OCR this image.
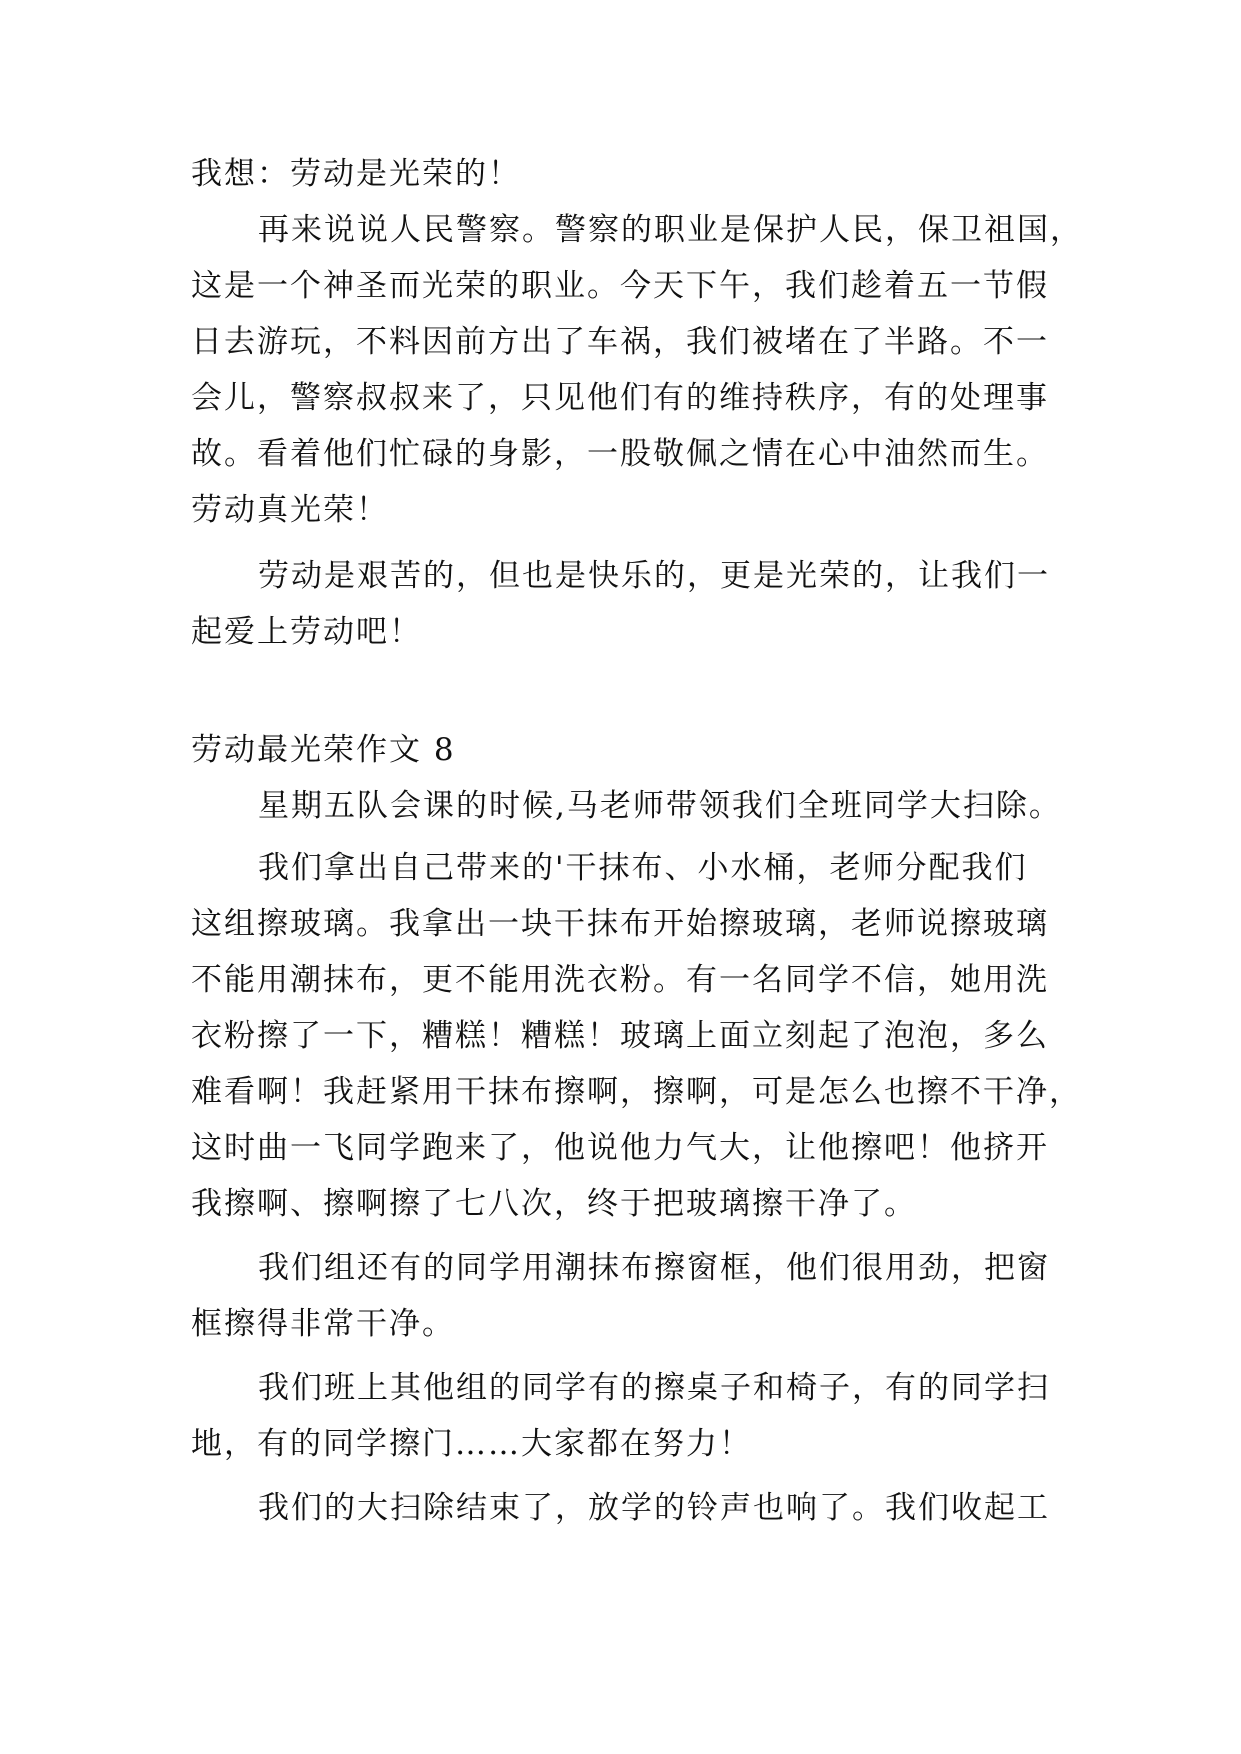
我想：劳动是光荣的！
再来说说人民警察。警察的职业是保护人民，保卫祖国，
这是一个神圣而光荣的职业。今天下午，我们趁着五一节假
日去游玩，不料因前方出了车祸，我们被堵在了半路。不一
会儿，警察叔叔来了，只见他们有的维持秩序，有的处理事
故。看着他们忙碌的身影，一股敬佩之情在心中油然而生。
劳动真光荣！
劳动是艰苦的，但也是快乐的，更是光荣的，让我们一
起爱上劳动吧！
劳动最光荣作文 8
星期五队会课的时候,马老师带领我们全班同学大扫除。
我们拿出自己带来的'干抹布、小水桶，老师分配我们
这组擦玻璃。我拿出一块干抹布开始擦玻璃，老师说擦玻璃
不能用潮抹布，更不能用洗衣粉。有一名同学不信，她用洗
衣粉擦了一下，糟糕！糟糕！玻璃上面立刻起了泡泡，多么
难看啊！我赶紧用干抹布擦啊，擦啊，可是怎么也擦不干净，
这时曲一飞同学跑来了，他说他力气大，让他擦吧！他挤开
我擦啊、擦啊擦了七八次，终于把玻璃擦干净了。
我们组还有的同学用潮抹布擦窗框，他们很用劲，把窗
框擦得非常干净。
我们班上其他组的同学有的擦桌子和椅子，有的同学扫
地，有的同学擦门……大家都在努力！
我们的大扫除结束了，放学的铃声也响了。我们收起工
